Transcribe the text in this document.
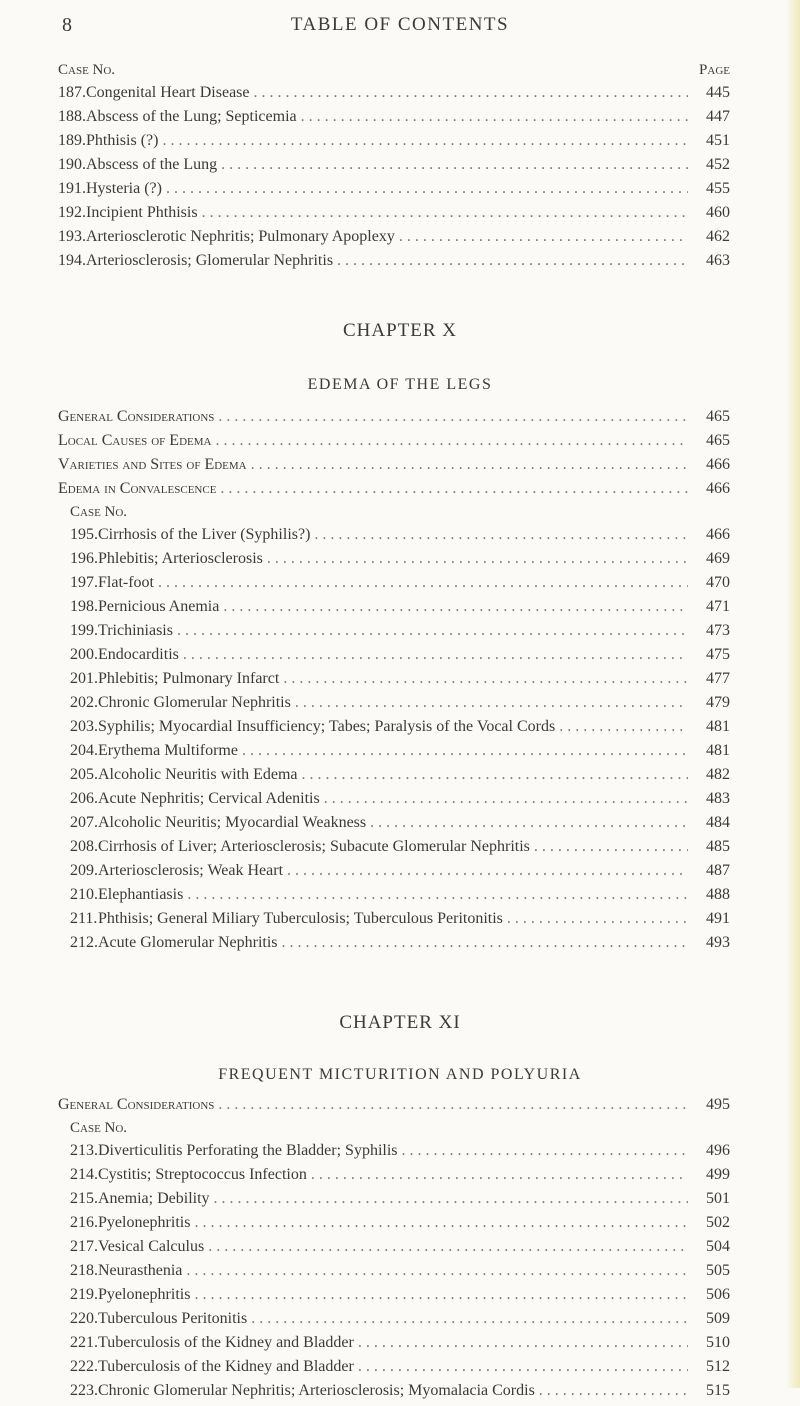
8	TABLE OF CONTENTS
Case No.	Page
187. Congenital Heart Disease . . .	445
188. Abscess of the Lung; Septicemia . . .	447
189. Phthisis (?) . . .	451
190. Abscess of the Lung . . .	452
191. Hysteria (?) . . .	455
192. Incipient Phthisis . . .	460
193. Arteriosclerotic Nephritis; Pulmonary Apoplexy . . .	462
194. Arteriosclerosis; Glomerular Nephritis . . .	463
CHAPTER X
EDEMA OF THE LEGS
General Considerations . . .	465
Local Causes of Edema . . .	465
Varieties and Sites of Edema . . .	466
Edema in Convalescence . . .	466
Case No.
195. Cirrhosis of the Liver (Syphilis?) . . .	466
196. Phlebitis; Arteriosclerosis . . .	469
197. Flat-foot . . .	470
198. Pernicious Anemia . . .	471
199. Trichiniasis . . .	473
200. Endocarditis . . .	475
201. Phlebitis; Pulmonary Infarct . . .	477
202. Chronic Glomerular Nephritis . . .	479
203. Syphilis; Myocardial Insufficiency; Tabes; Paralysis of the Vocal Cords . . .	481
204. Erythema Multiforme . . .	481
205. Alcoholic Neuritis with Edema . . .	482
206. Acute Nephritis; Cervical Adenitis . . .	483
207. Alcoholic Neuritis; Myocardial Weakness . . .	484
208. Cirrhosis of Liver; Arteriosclerosis; Subacute Glomerular Nephritis . . .	485
209. Arteriosclerosis; Weak Heart . . .	487
210. Elephantiasis . . .	488
211. Phthisis; General Miliary Tuberculosis; Tuberculous Peritonitis . . .	491
212. Acute Glomerular Nephritis . . .	493
CHAPTER XI
FREQUENT MICTURITION AND POLYURIA
General Considerations . . .	495
Case No.
213. Diverticulitis Perforating the Bladder; Syphilis . . .	496
214. Cystitis; Streptococcus Infection . . .	499
215. Anemia; Debility . . .	501
216. Pyelonephritis . . .	502
217. Vesical Calculus . . .	504
218. Neurasthenia . . .	505
219. Pyelonephritis . . .	506
220. Tuberculous Peritonitis . . .	509
221. Tuberculosis of the Kidney and Bladder . . .	510
222. Tuberculosis of the Kidney and Bladder . . .	512
223. Chronic Glomerular Nephritis; Arteriosclerosis; Myomalacia Cordis . . .	515
